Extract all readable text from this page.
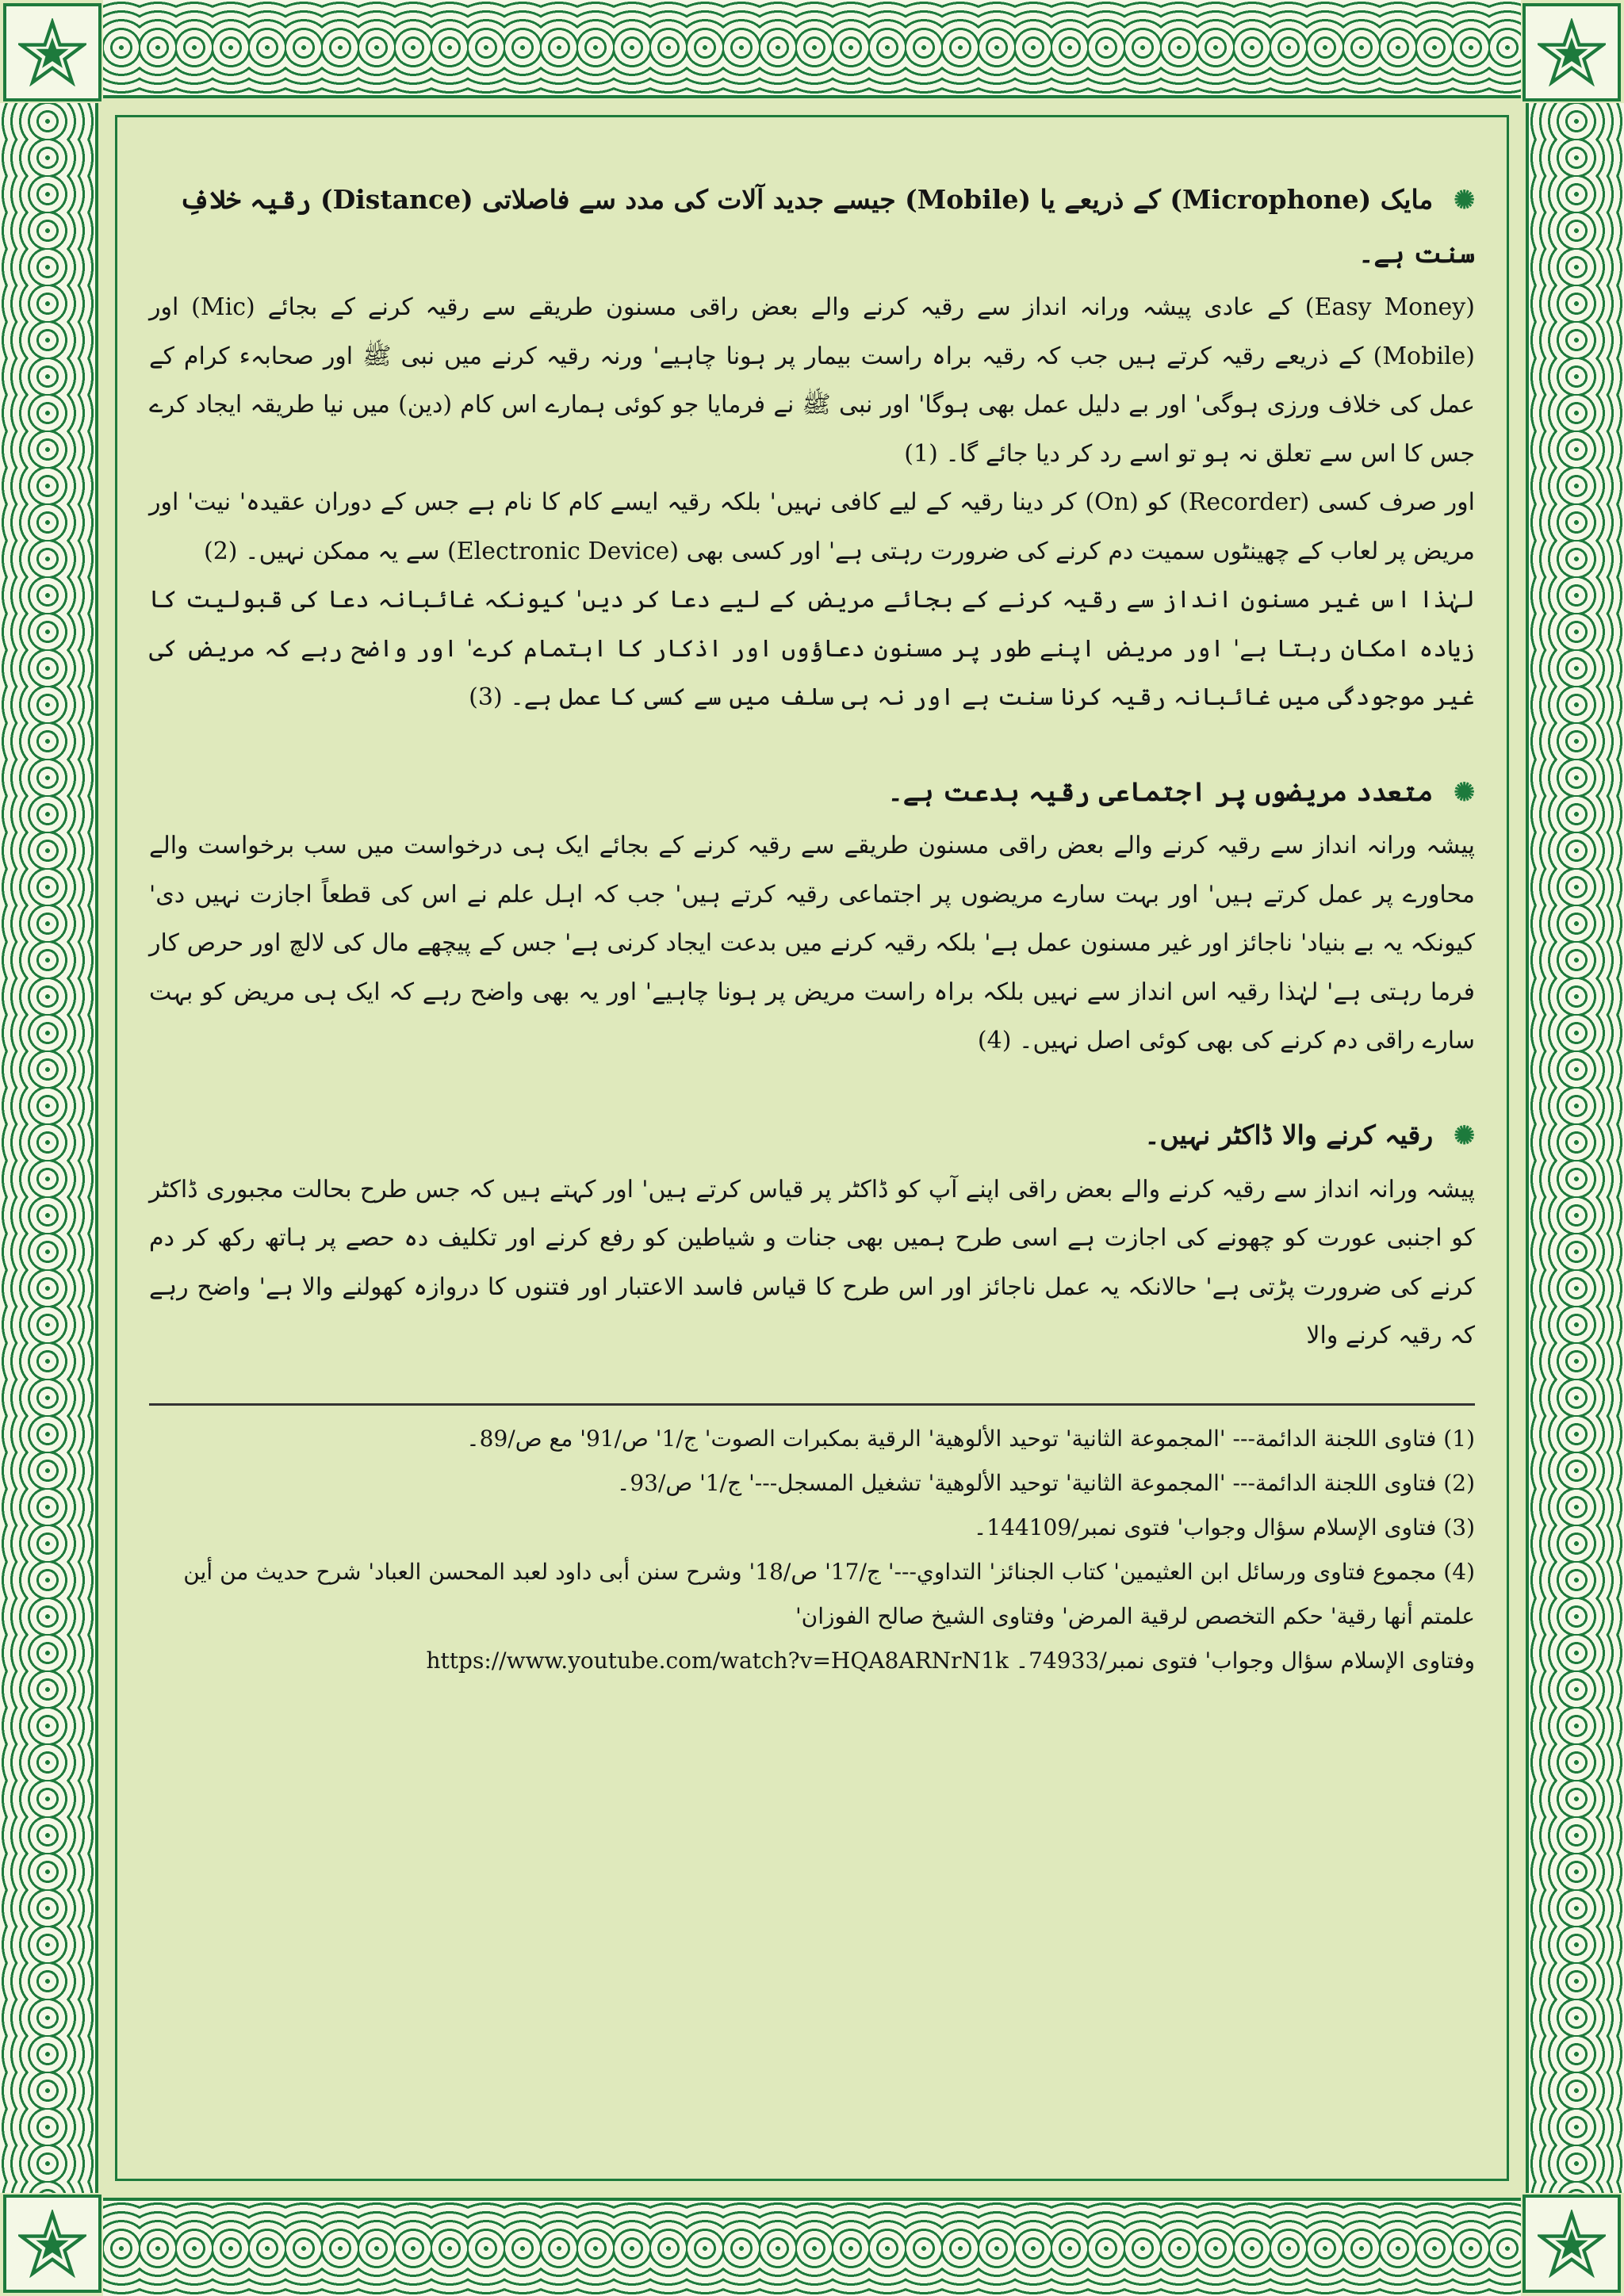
✺مایک (Microphone) کے ذریعے یا (Mobile) جیسے جدید آلات کی مدد سے فاصلاتی (Distance) رقیہ خلافِ سنت ہے۔

(Easy Money) کے عادی پیشہ ورانہ انداز سے رقیہ کرنے والے بعض راقی مسنون طریقے سے رقیہ کرنے کے بجائے (Mic) اور (Mobile) کے ذریعے رقیہ کرتے ہیں جب کہ رقیہ براہ راست بیمار پر ہونا چاہیے' ورنہ رقیہ کرنے میں نبی ﷺ اور صحابہء کرام کے عمل کی خلاف ورزی ہوگی' اور بے دلیل عمل بھی ہوگا' اور نبی ﷺ نے فرمایا جو کوئی ہمارے اس کام (دین) میں نیا طریقہ ایجاد کرے جس کا اس سے تعلق نہ ہو تو اسے رد کر دیا جائے گا۔ (1)

اور صرف کسی (Recorder) کو (On) کر دینا رقیہ کے لیے کافی نہیں' بلکہ رقیہ ایسے کام کا نام ہے جس کے دوران عقیدہ' نیت' اور مریض پر لعاب کے چھینٹوں سمیت دم کرنے کی ضرورت رہتی ہے' اور کسی بھی (Electronic Device) سے یہ ممکن نہیں۔ (2)

لہٰذا اس غیر مسنون انداز سے رقیہ کرنے کے بجائے مریض کے لیے دعا کر دیں' کیونکہ غائبانہ دعا کی قبولیت کا زیادہ امکان رہتا ہے' اور مریض اپنے طور پر مسنون دعاؤوں اور اذکار کا اہتمام کرے' اور واضح رہے کہ مریض کی غیر موجودگی میں غائبانہ رقیہ کرنا سنت ہے اور نہ ہی سلف میں سے کسی کا عمل ہے۔ (3)

✺متعدد مریضوں پر اجتماعی رقیہ بدعت ہے۔

پیشہ ورانہ انداز سے رقیہ کرنے والے بعض راقی مسنون طریقے سے رقیہ کرنے کے بجائے ایک ہی درخواست میں سب برخواست والے محاورے پر عمل کرتے ہیں' اور بہت سارے مریضوں پر اجتماعی رقیہ کرتے ہیں' جب کہ اہل علم نے اس کی قطعاً اجازت نہیں دی' کیونکہ یہ بے بنیاد' ناجائز اور غیر مسنون عمل ہے' بلکہ رقیہ کرنے میں بدعت ایجاد کرنی ہے' جس کے پیچھے مال کی لالچ اور حرص کار فرما رہتی ہے' لہٰذا رقیہ اس انداز سے نہیں بلکہ براہ راست مریض پر ہونا چاہیے' اور یہ بھی واضح رہے کہ ایک ہی مریض کو بہت سارے راقی دم کرنے کی بھی کوئی اصل نہیں۔ (4)

✺رقیہ کرنے والا ڈاکٹر نہیں۔

پیشہ ورانہ انداز سے رقیہ کرنے والے بعض راقی اپنے آپ کو ڈاکٹر پر قیاس کرتے ہیں' اور کہتے ہیں کہ جس طرح بحالت مجبوری ڈاکٹر کو اجنبی عورت کو چھونے کی اجازت ہے اسی طرح ہمیں بھی جنات و شیاطین کو رفع کرنے اور تکلیف دہ حصے پر ہاتھ رکھ کر دم کرنے کی ضرورت پڑتی ہے' حالانکہ یہ عمل ناجائز اور اس طرح کا قیاس فاسد الاعتبار اور فتنوں کا دروازہ کھولنے والا ہے' واضح رہے کہ رقیہ کرنے والا

(1) فتاوی اللجنة الدائمة--- 'المجموعة الثانية' توحيد الألوهية' الرقية بمكبرات الصوت' ج/1' ص/91' مع ص/89۔

(2) فتاوی اللجنة الدائمة--- 'المجموعة الثانية' توحيد الألوهية' تشغيل المسجل---' ج/1' ص/93۔

(3) فتاوی الإسلام سؤال وجواب' فتوی نمبر/144109۔

(4) مجموع فتاوی ورسائل ابن العثيمين' كتاب الجنائز' التداوي---' ج/17' ص/18' وشرح سنن أبی داود لعبد المحسن العباد' شرح حديث من أين علمتم أنها رقية' حكم التخصص لرقية المرض' وفتاوی الشيخ صالح الفوزان'

وفتاوی الإسلام سؤال وجواب' فتوی نمبر/74933۔ https://www.youtube.com/watch?v=HQA8ARNrN1k
